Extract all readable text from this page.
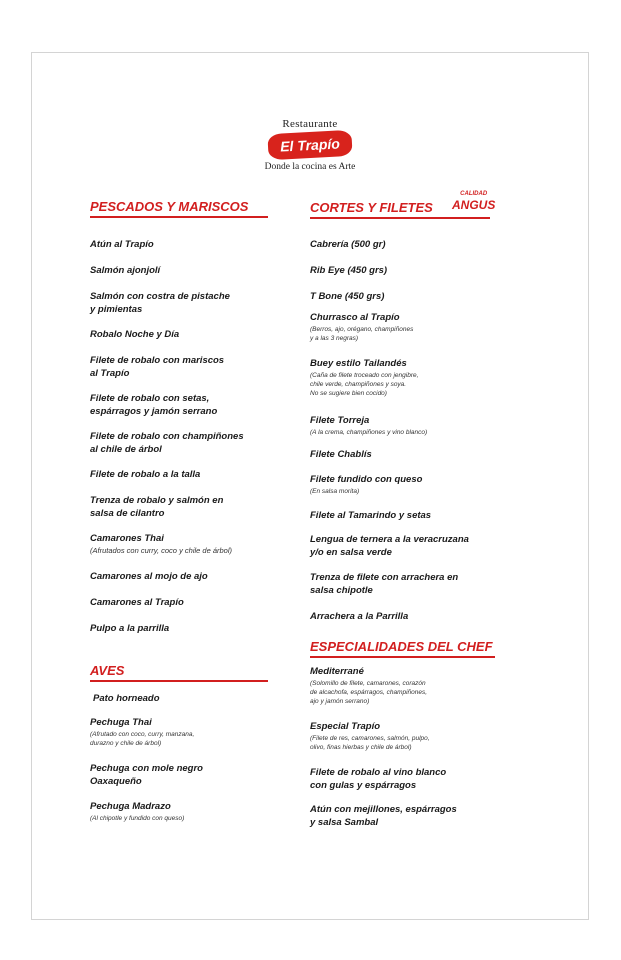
Restaurante
El Trapío
Donde la cocina es Arte
PESCADOS Y MARISCOS
Atún al Trapío
Salmón ajonjolí
Salmón con costra de pistache
y pimientas
Robalo Noche y Día
Filete de robalo con mariscos
al Trapío
Filete de robalo con setas,
espárragos y jamón serrano
Filete de robalo con champiñones
al chile de árbol
Filete de robalo a la talla
Trenza de robalo y salmón en
salsa de cilantro
Camarones Thai
(Afrutados con curry, coco y chile de árbol)
Camarones al mojo de ajo
Camarones al Trapío
Pulpo a la parrilla
AVES
Pato horneado
Pechuga Thai
(Afrutado con coco, curry, manzana,
durazno y chile de árbol)
Pechuga con mole negro
Oaxaqueño
Pechuga Madrazo
(Al chipotle y fundido con queso)
CORTES Y FILETES
CALIDAD
ANGUS
Cabrería (500 gr)
Rib Eye (450 grs)
T Bone (450 grs)
Churrasco al Trapío
(Berros, ajo, orégano, champiñones
y a las 3 negras)
Buey estilo Tailandés
(Caña de filete troceado con jengibre,
chile verde, champiñones y soya.
No se sugiere bien cocido)
Filete Torreja
(A la crema, champiñones y vino blanco)
Filete Chablís
Filete fundido con queso
(En salsa morita)
Filete al Tamarindo y setas
Lengua de ternera a la veracruzana
y/o en salsa verde
Trenza de filete con arrachera en
salsa chipotle
Arrachera a la Parrilla
ESPECIALIDADES DEL CHEF
Mediterrané
(Solomillo de filete, camarones, corazón
de alcachofa, espárragos, champiñones,
ajo y jamón serrano)
Especial Trapío
(Filete de res, camarones, salmón, pulpo,
olivo, finas hierbas y chile de árbol)
Filete de robalo al vino blanco
con gulas y espárragos
Atún con mejillones, espárragos
y salsa Sambal
